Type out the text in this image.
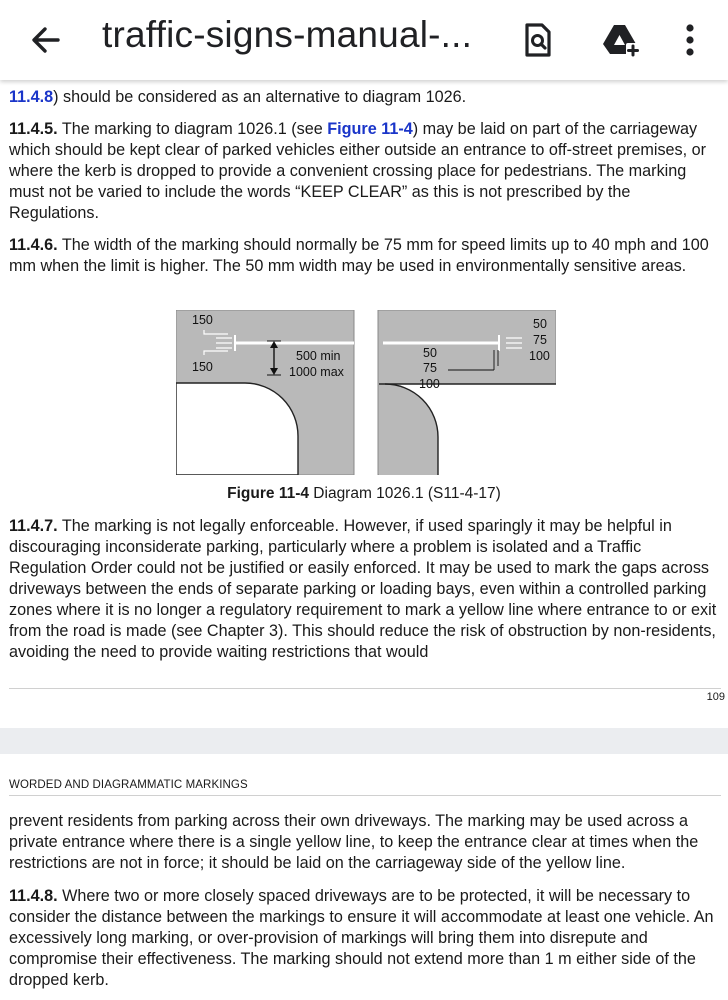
traffic-signs-manual-...

11.4.8) should be considered as an alternative to diagram 1026.

11.4.5. The marking to diagram 1026.1 (see Figure 11-4) may be laid on part of the carriageway which should be kept clear of parked vehicles either outside an entrance to off-street premises, or where the kerb is dropped to provide a convenient crossing place for pedestrians. The marking must not be varied to include the words “KEEP CLEAR” as this is not prescribed by the Regulations.

11.4.6. The width of the marking should normally be 75 mm for speed limits up to 40 mph and 100 mm when the limit is higher. The 50 mm width may be used in environmentally sensitive areas.

150
150
500 min
1000 max
50
75
100
50
75
100
Figure 11-4 Diagram 1026.1 (S11-4-17)

11.4.7. The marking is not legally enforceable. However, if used sparingly it may be helpful in discouraging inconsiderate parking, particularly where a problem is isolated and a Traffic Regulation Order could not be justified or easily enforced. It may be used to mark the gaps across driveways between the ends of separate parking or loading bays, even within a controlled parking zones where it is no longer a regulatory requirement to mark a yellow line where entrance to or exit from the road is made (see Chapter 3). This should reduce the risk of obstruction by non-residents, avoiding the need to provide waiting restrictions that would

109
WORDED AND DIAGRAMMATIC MARKINGS

prevent residents from parking across their own driveways. The marking may be used across a private entrance where there is a single yellow line, to keep the entrance clear at times when the restrictions are not in force; it should be laid on the carriageway side of the yellow line.

11.4.8. Where two or more closely spaced driveways are to be protected, it will be necessary to consider the distance between the markings to ensure it will accommodate at least one vehicle. An excessively long marking, or over-provision of markings will bring them into disrepute and compromise their effectiveness. The marking should not extend more than 1 m either side of the dropped kerb.
